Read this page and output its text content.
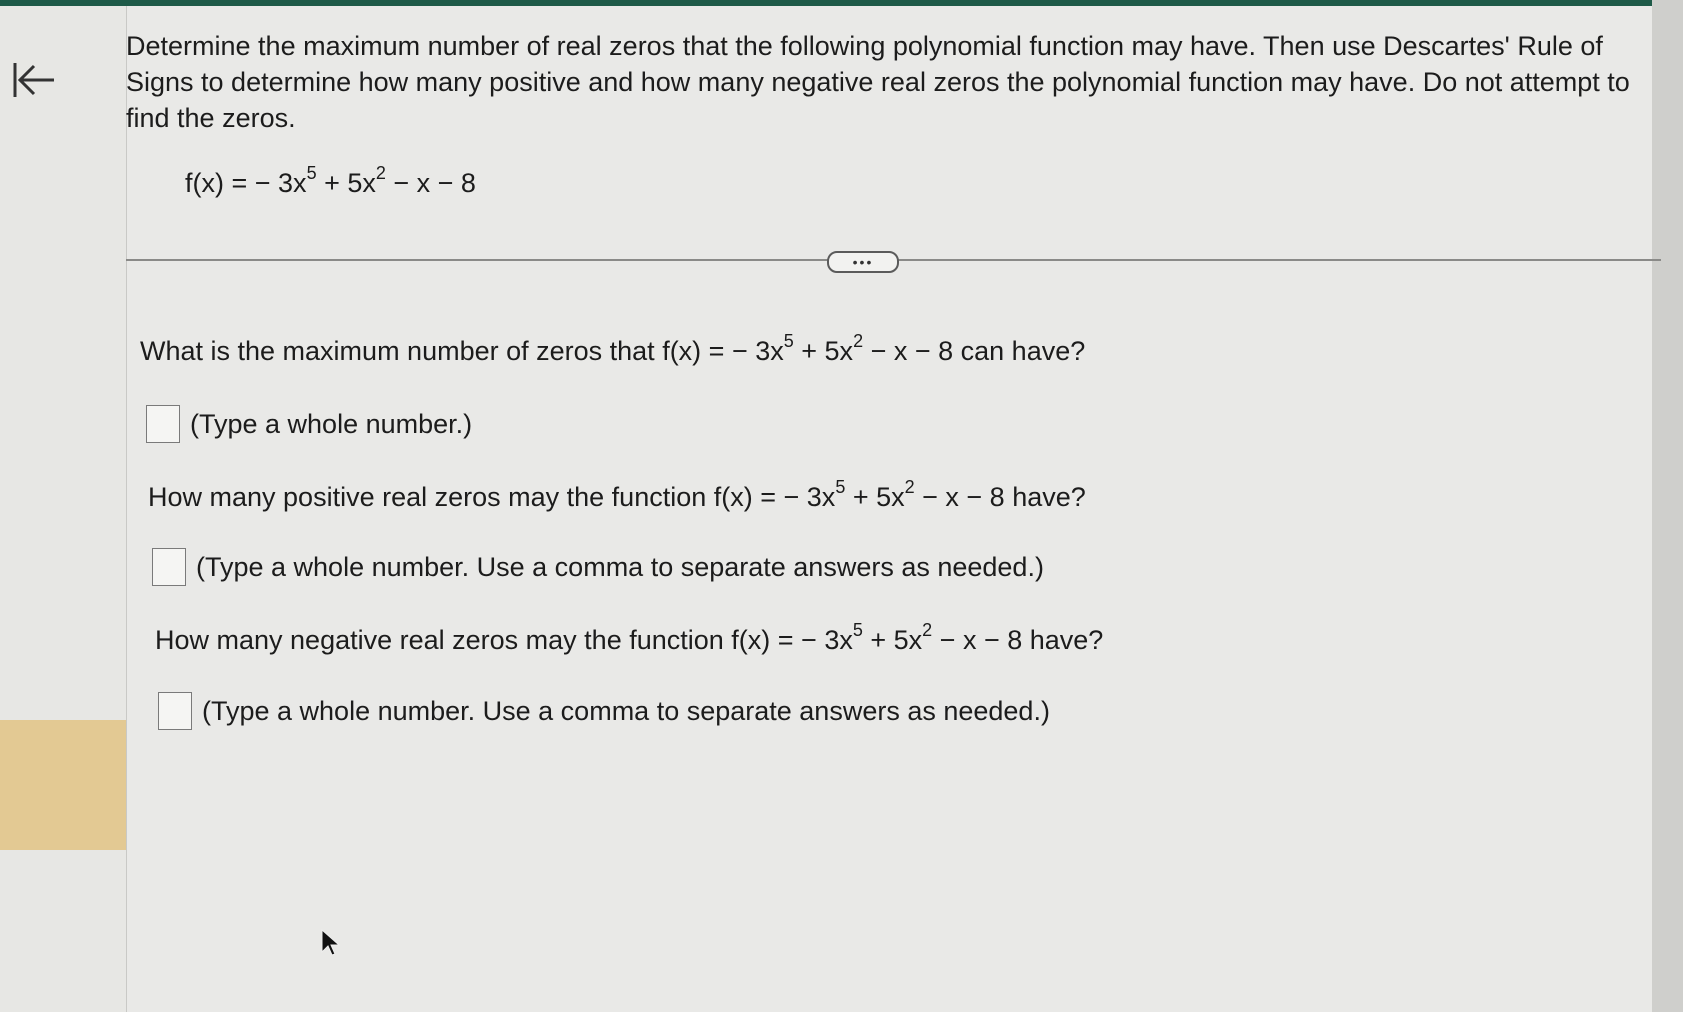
Determine the maximum number of real zeros that the following polynomial function may have. Then use Descartes' Rule of Signs to determine how many positive and how many negative real zeros the polynomial function may have. Do not attempt to find the zeros.

f(x) = − $3x^5 + 5x^2 - x - 8$
•••

What is the maximum number of zeros that f(x) = − $3x^5 + 5x^2 - x - 8$ can have?

(Type a whole number.)

How many positive real zeros may the function f(x) = − $3x^5 + 5x^2 - x - 8$ have?

(Type a whole number. Use a comma to separate answers as needed.)

How many negative real zeros may the function f(x) = − $3x^5 + 5x^2 - x - 8$ have?

(Type a whole number. Use a comma to separate answers as needed.)
